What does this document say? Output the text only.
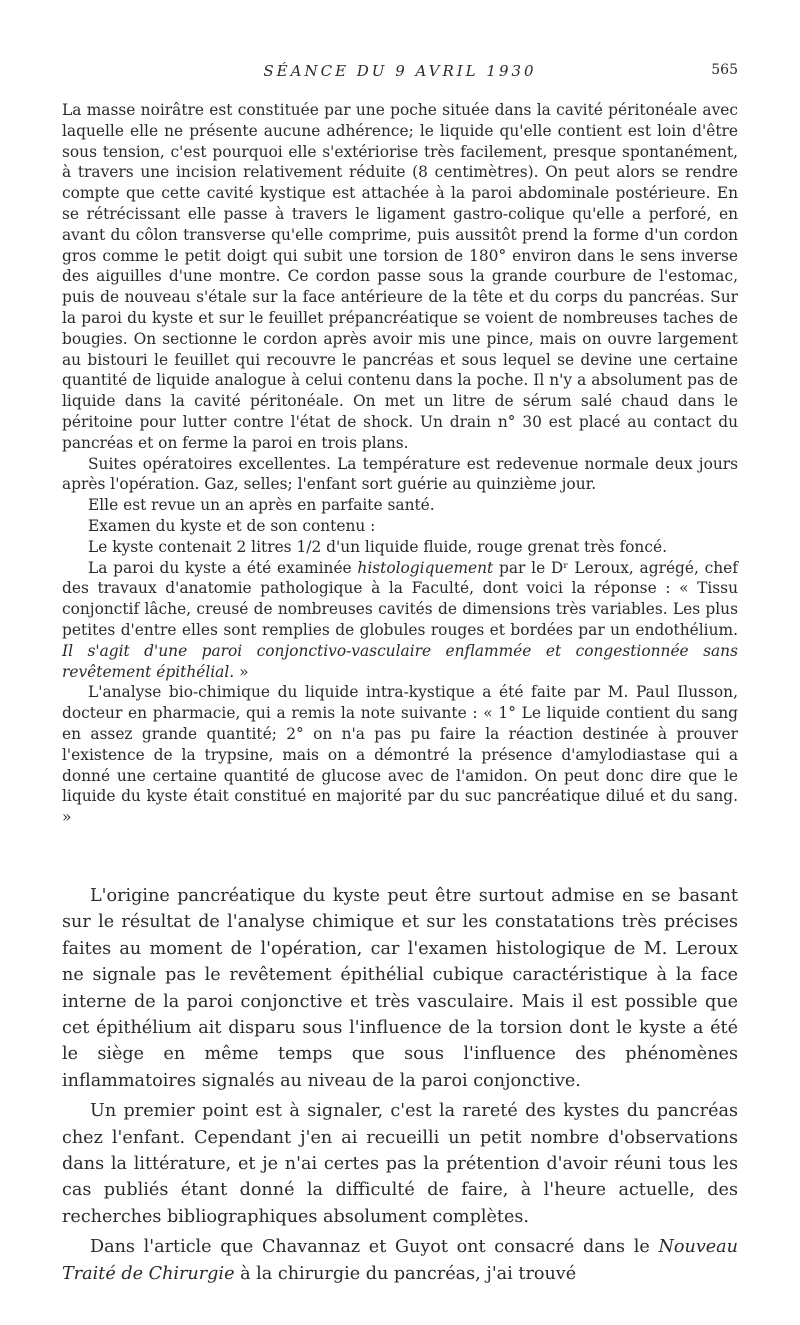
SÉANCE DU 9 AVRIL 1930	565

La masse noirâtre est constituée par une poche située dans la cavité péritonéale avec laquelle elle ne présente aucune adhérence; le liquide qu'elle contient est loin d'être sous tension, c'est pourquoi elle s'extériorise très facilement, presque spontanément, à travers une incision relativement réduite (8 centimètres). On peut alors se rendre compte que cette cavité kystique est attachée à la paroi abdominale postérieure. En se rétrécissant elle passe à travers le ligament gastro-colique qu'elle a perforé, en avant du côlon transverse qu'elle comprime, puis aussitôt prend la forme d'un cordon gros comme le petit doigt qui subit une torsion de 180° environ dans le sens inverse des aiguilles d'une montre. Ce cordon passe sous la grande courbure de l'estomac, puis de nouveau s'étale sur la face antérieure de la tête et du corps du pancréas. Sur la paroi du kyste et sur le feuillet prépancréatique se voient de nombreuses taches de bougies. On sectionne le cordon après avoir mis une pince, mais on ouvre largement au bistouri le feuillet qui recouvre le pancréas et sous lequel se devine une certaine quantité de liquide analogue à celui contenu dans la poche. Il n'y a absolument pas de liquide dans la cavité péritonéale. On met un litre de sérum salé chaud dans le péritoine pour lutter contre l'état de shock. Un drain n° 30 est placé au contact du pancréas et on ferme la paroi en trois plans.

Suites opératoires excellentes. La température est redevenue normale deux jours après l'opération. Gaz, selles; l'enfant sort guérie au quinzième jour.

Elle est revue un an après en parfaite santé.

Examen du kyste et de son contenu :

Le kyste contenait 2 litres 1/2 d'un liquide fluide, rouge grenat très foncé.

La paroi du kyste a été examinée histologiquement par le Dʳ Leroux, agrégé, chef des travaux d'anatomie pathologique à la Faculté, dont voici la réponse : « Tissu conjonctif lâche, creusé de nombreuses cavités de dimensions très variables. Les plus petites d'entre elles sont remplies de globules rouges et bordées par un endothélium. Il s'agit d'une paroi conjonctivo-vasculaire enflammée et congestionnée sans revêtement épithélial. »

L'analyse bio-chimique du liquide intra-kystique a été faite par M. Paul Ilusson, docteur en pharmacie, qui a remis la note suivante : « 1° Le liquide contient du sang en assez grande quantité; 2° on n'a pas pu faire la réaction destinée à prouver l'existence de la trypsine, mais on a démontré la présence d'amylodiastase qui a donné une certaine quantité de glucose avec de l'amidon. On peut donc dire que le liquide du kyste était constitué en majorité par du suc pancréatique dilué et du sang. »

L'origine pancréatique du kyste peut être surtout admise en se basant sur le résultat de l'analyse chimique et sur les constatations très précises faites au moment de l'opération, car l'examen histologique de M. Leroux ne signale pas le revêtement épithélial cubique caractéristique à la face interne de la paroi conjonctive et très vasculaire. Mais il est possible que cet épithélium ait disparu sous l'influence de la torsion dont le kyste a été le siège en même temps que sous l'influence des phénomènes inflammatoires signalés au niveau de la paroi conjonctive.

Un premier point est à signaler, c'est la rareté des kystes du pancréas chez l'enfant. Cependant j'en ai recueilli un petit nombre d'observations dans la littérature, et je n'ai certes pas la prétention d'avoir réuni tous les cas publiés étant donné la difficulté de faire, à l'heure actuelle, des recherches bibliographiques absolument complètes.

Dans l'article que Chavannaz et Guyot ont consacré dans le Nouveau Traité de Chirurgie à la chirurgie du pancréas, j'ai trouvé
